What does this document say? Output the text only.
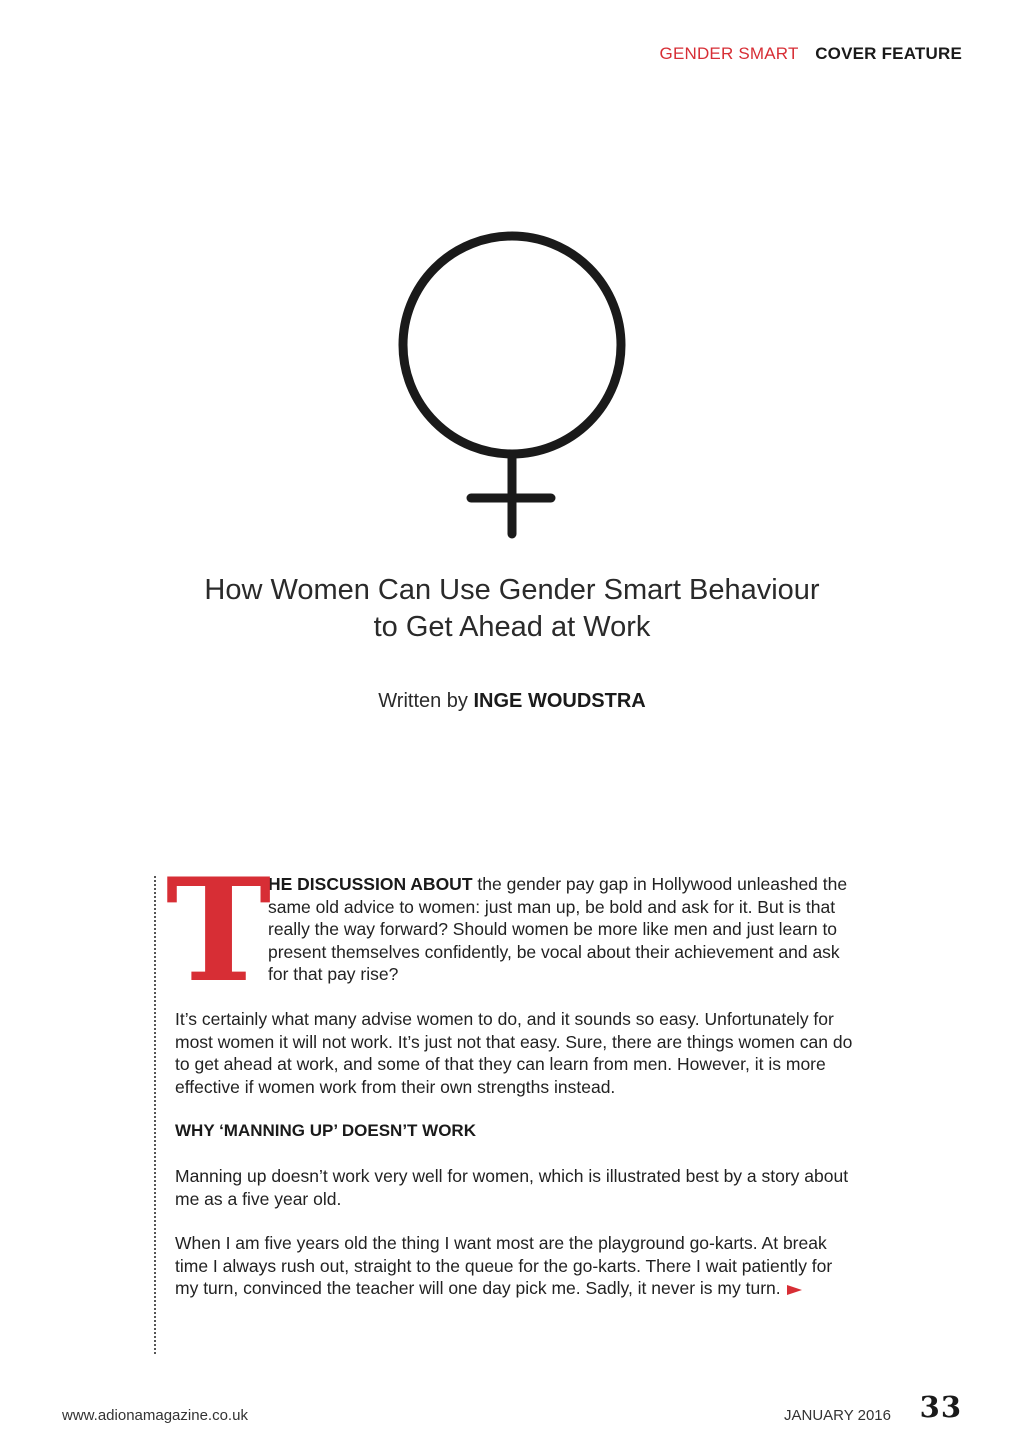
GENDER SMART COVER FEATURE
How Women Can Use Gender Smart Behaviour
to Get Ahead at Work
Written by INGE WOUDSTRA
T
HE DISCUSSION ABOUT the gender pay gap in Hollywood unleashed the same old advice to women: just man up, be bold and ask for it. But is that really the way forward? Should women be more like men and just learn to present themselves confidently, be vocal about their achievement and ask for that pay rise?

It’s certainly what many advise women to do, and it sounds so easy. Unfortunately for most women it will not work. It’s just not that easy. Sure, there are things women can do to get ahead at work, and some of that they can learn from men. However, it is more effective if women work from their own strengths instead.

WHY ‘MANNING UP’ DOESN’T WORK

Manning up doesn’t work very well for women, which is illustrated best by a story about me as a five year old.

When I am five years old the thing I want most are the playground go-karts. At break time I always rush out, straight to the queue for the go-karts. There I wait patiently for my turn, convinced the teacher will one day pick me. Sadly, it never is my turn.

www.adionamagazine.co.uk	JANUARY 2016 33
